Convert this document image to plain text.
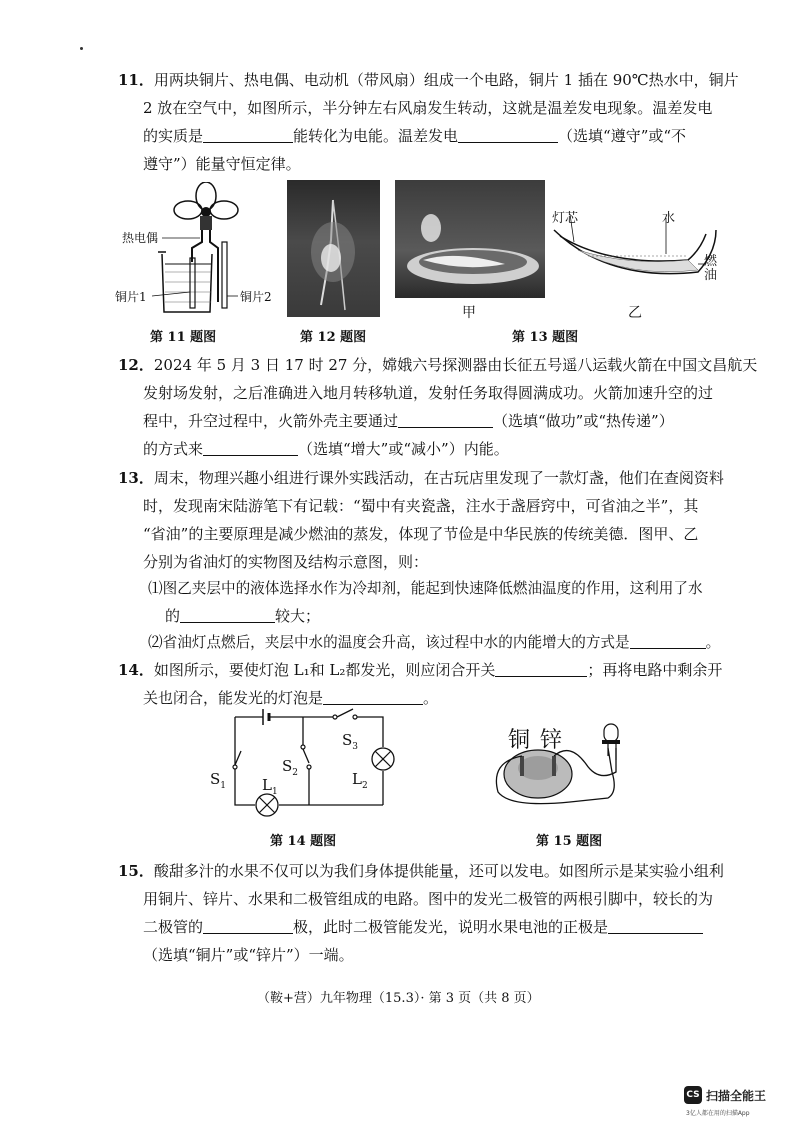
11．用两块铜片、热电偶、电动机（带风扇）组成一个电路，铜片 1 插在 90℃热水中，铜片
2 放在空气中，如图所示，半分钟左右风扇发生转动，这就是温差发电现象。温差发电
的实质是	能转化为电能。温差发电	（选填“遵守”或“不
遵守”）能量守恒定律。
热电偶
铜片1	铜片2
第 11 题图	第 12 题图
甲
灯芯	水
燃油
乙
第 13 题图
12．2024 年 5 月 3 日 17 时 27 分，嫦娥六号探测器由长征五号遥八运载火箭在中国文昌航天
发射场发射，之后准确进入地月转移轨道，发射任务取得圆满成功。火箭加速升空的过
程中，升空过程中，火箭外壳主要通过	（选填“做功”或“热传递”）
的方式来	（选填“增大”或“减小”）内能。
13．周末，物理兴趣小组进行课外实践活动，在古玩店里发现了一款灯盏，他们在查阅资料
时，发现南宋陆游笔下有记载：“蜀中有夹瓷盏，注水于盏唇窍中，可省油之半”，其
“省油”的主要原理是减少燃油的蒸发，体现了节俭是中华民族的传统美德．图甲、乙
分别为省油灯的实物图及结构示意图，则：
⑴图乙夹层中的液体选择水作为冷却剂，能起到快速降低燃油温度的作用，这利用了水
的	较大；
⑵省油灯点燃后，夹层中水的温度会升高，该过程中水的内能增大的方式是	。
14．如图所示，要使灯泡 L₁和 L₂都发光，则应闭合开关	；再将电路中剩余开
关也闭合，能发光的灯泡是	。
$S_1$
$S_2$
$S_3$
$L_1$
$L_2$
第 14 题图
铜 锌
第 15 题图
15．酸甜多汁的水果不仅可以为我们身体提供能量，还可以发电。如图所示是某实验小组利
用铜片、锌片、水果和二极管组成的电路。图中的发光二极管的两根引脚中，较长的为
二极管的	极，此时二极管能发光，说明水果电池的正极是
（选填“铜片”或“锌片”）一端。
（鞍+营）九年物理（15.3）· 第 3 页（共 8 页）
CS 扫描全能王
3亿人都在用的扫描App
